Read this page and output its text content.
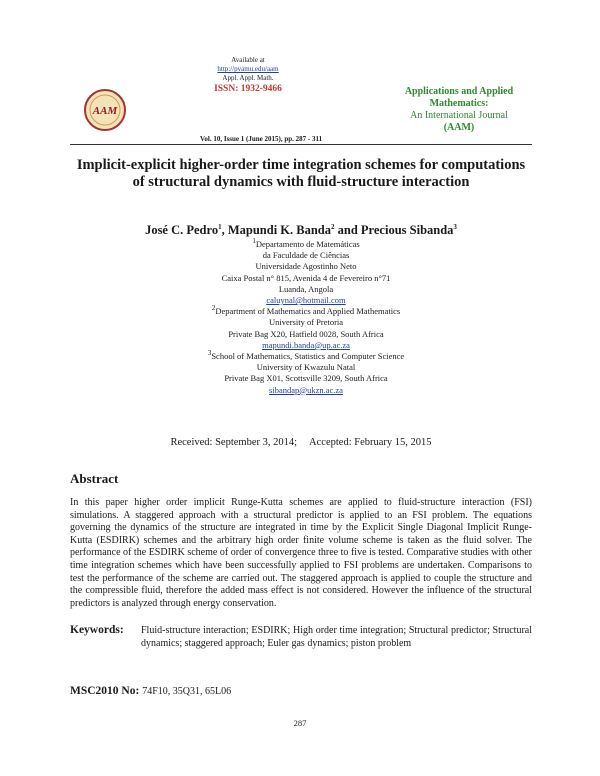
AAM
Available at
http://pvamu.edu/aam
Appl. Appl. Math.
ISSN: 1932-9466	Applications and Applied
Mathematics:
An International Journal
(AAM)
Vol. 10, Issue 1 (June 2015), pp. 287 - 311
Implicit-explicit higher-order time integration schemes for computations
of structural dynamics with fluid-structure interaction
José C. Pedro$^1$, Mapundi K. Banda$^2$ and Precious Sibanda$^3$
$^1$Departamento de Matemáticas
da Faculdade de Ciências
Universidade Agostinho Neto
Caixa Postal n° 815, Avenida 4 de Fevereiro n°71
Luanda, Angola
caluynal@hotmail.com
$^2$Department of Mathematics and Applied Mathematics
University of Pretoria
Private Bag X20, Hatfield 0028, South Africa
mapundi.banda@up.ac.za
$^3$School of Mathematics, Statistics and Computer Science
University of Kwazulu Natal
Private Bag X01, Scottsville 3209, South Africa
sibandap@ukzn.ac.za
Received: September 3, 2014; Accepted: February 15, 2015
Abstract
In this paper higher order implicit Runge-Kutta schemes are applied to fluid-structure interaction (FSI) simulations. A staggered approach with a structural predictor is applied to an FSI problem. The equations governing the dynamics of the structure are integrated in time by the Explicit Single Diagonal Implicit Runge-Kutta (ESDIRK) schemes and the arbitrary high order finite volume scheme is taken as the fluid solver. The performance of the ESDIRK scheme of order of convergence three to five is tested. Comparative studies with other time integration schemes which have been successfully applied to FSI problems are undertaken. Comparisons to test the performance of the scheme are carried out. The staggered approach is applied to couple the structure and the compressible fluid, therefore the added mass effect is not considered. However the influence of the structural predictors is analyzed through energy conservation.
Keywords: Fluid-structure interaction; ESDIRK; High order time integration; Structural predictor; Structural dynamics; staggered approach; Euler gas dynamics; piston problem
MSC2010 No: 74F10, 35Q31, 65L06
287
